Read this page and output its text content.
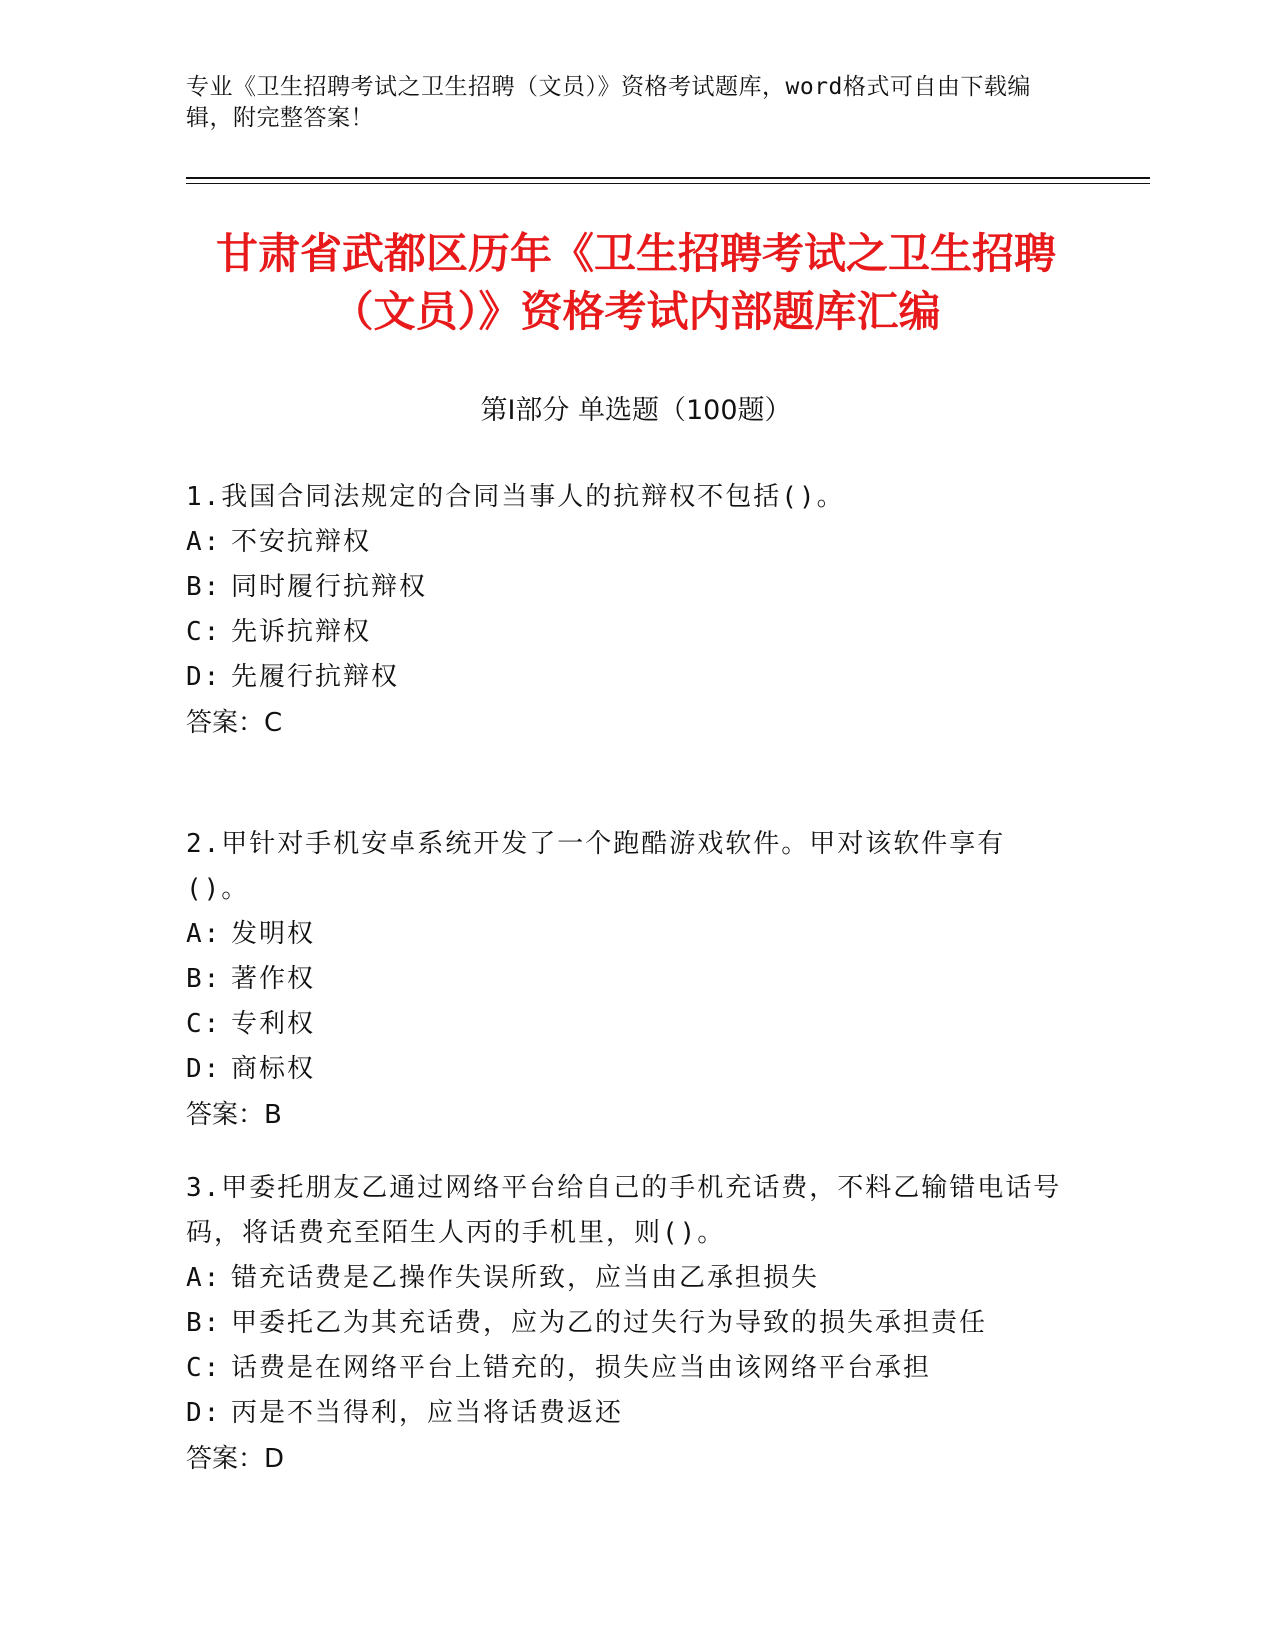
专业《卫生招聘考试之卫生招聘（文员）》资格考试题库，word格式可自由下载编辑，附完整答案！
甘肃省武都区历年《卫生招聘考试之卫生招聘（文员）》资格考试内部题库汇编
第I部分 单选题（100题）
1.我国合同法规定的合同当事人的抗辩权不包括()。
A: 不安抗辩权
B: 同时履行抗辩权
C: 先诉抗辩权
D: 先履行抗辩权
答案： C
2.甲针对手机安卓系统开发了一个跑酷游戏软件。甲对该软件享有()。
A: 发明权
B: 著作权
C: 专利权
D: 商标权
答案： B
3.甲委托朋友乙通过网络平台给自己的手机充话费，不料乙输错电话号码，将话费充至陌生人丙的手机里，则()。
A: 错充话费是乙操作失误所致，应当由乙承担损失
B: 甲委托乙为其充话费，应为乙的过失行为导致的损失承担责任
C: 话费是在网络平台上错充的，损失应当由该网络平台承担
D: 丙是不当得利，应当将话费返还
答案： D
